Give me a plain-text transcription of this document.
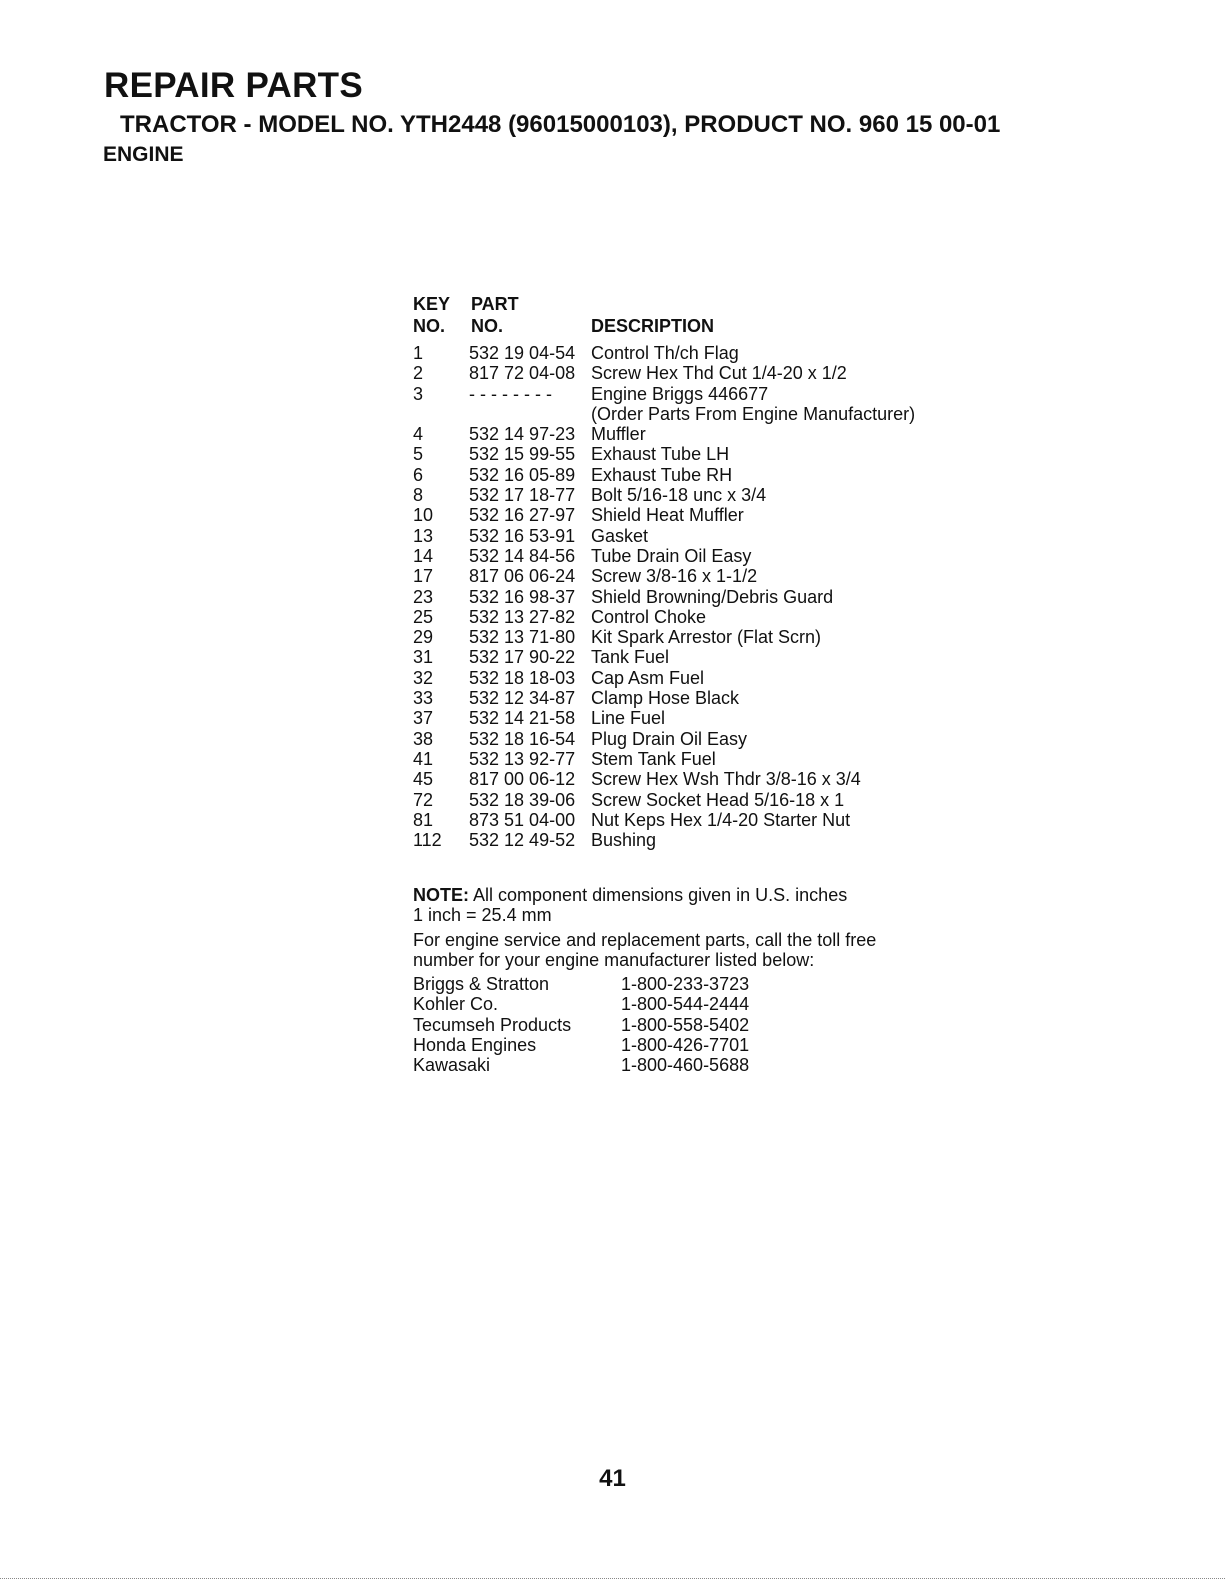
REPAIR PARTS
TRACTOR - MODEL NO. YTH2448 (96015000103), PRODUCT NO. 960 15 00-01
ENGINE
KEY	PART
NO.	NO.	DESCRIPTION
1	532 19 04-54 Control Th/ch Flag
2	817 72 04-08 Screw Hex Thd Cut 1/4-20 x 1/2
3	- - - - - - - -	Engine Briggs 446677
(Order Parts From Engine Manufacturer)
4	532 14 97-23 Muffler
5	532 15 99-55 Exhaust Tube LH
6	532 16 05-89 Exhaust Tube RH
8	532 17 18-77 Bolt 5/16-18 unc x 3/4
10	532 16 27-97 Shield Heat Muffler
13	532 16 53-91 Gasket
14	532 14 84-56 Tube Drain Oil Easy
17	817 06 06-24 Screw 3/8-16 x 1-1/2
23	532 16 98-37 Shield Browning/Debris Guard
25	532 13 27-82 Control Choke
29	532 13 71-80 Kit Spark Arrestor (Flat Scrn)
31	532 17 90-22 Tank Fuel
32	532 18 18-03 Cap Asm Fuel
33	532 12 34-87 Clamp Hose Black
37	532 14 21-58 Line Fuel
38	532 18 16-54 Plug Drain Oil Easy
41	532 13 92-77 Stem Tank Fuel
45	817 00 06-12 Screw Hex Wsh Thdr 3/8-16 x 3/4
72	532 18 39-06 Screw Socket Head 5/16-18 x 1
81	873 51 04-00 Nut Keps Hex 1/4-20 Starter Nut
112	532 12 49-52 Bushing
NOTE: All component dimensions given in U.S. inches
1 inch = 25.4 mm
For engine service and replacement parts, call the toll free
number for your engine manufacturer listed below:
Briggs & Stratton	1-800-233-3723
Kohler Co.	1-800-544-2444
Tecumseh Products	1-800-558-5402
Honda Engines	1-800-426-7701
Kawasaki	1-800-460-5688
41
